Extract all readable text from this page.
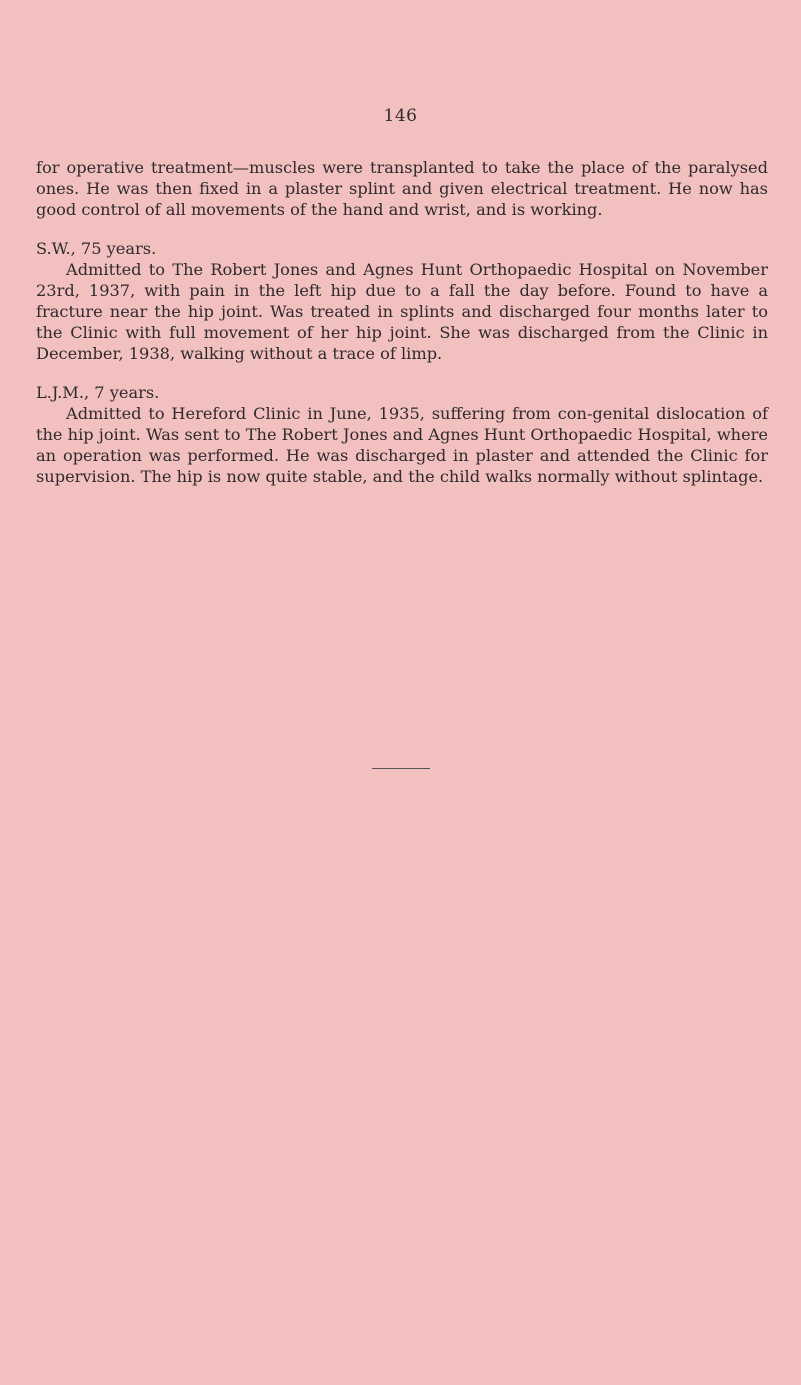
146

for operative treatment—muscles were transplanted to take the place of the paralysed ones. He was then fixed in a plaster splint and given electrical treatment. He now has good control of all movements of the hand and wrist, and is working.

S.W., 75 years.

Admitted to The Robert Jones and Agnes Hunt Orthopaedic Hospital on November 23rd, 1937, with pain in the left hip due to a fall the day before. Found to have a fracture near the hip joint. Was treated in splints and discharged four months later to the Clinic with full movement of her hip joint. She was discharged from the Clinic in December, 1938, walking without a trace of limp.

L.J.M., 7 years.

Admitted to Hereford Clinic in June, 1935, suffering from con-genital dislocation of the hip joint. Was sent to The Robert Jones and Agnes Hunt Orthopaedic Hospital, where an operation was performed. He was discharged in plaster and attended the Clinic for supervision. The hip is now quite stable, and the child walks normally without splintage.
